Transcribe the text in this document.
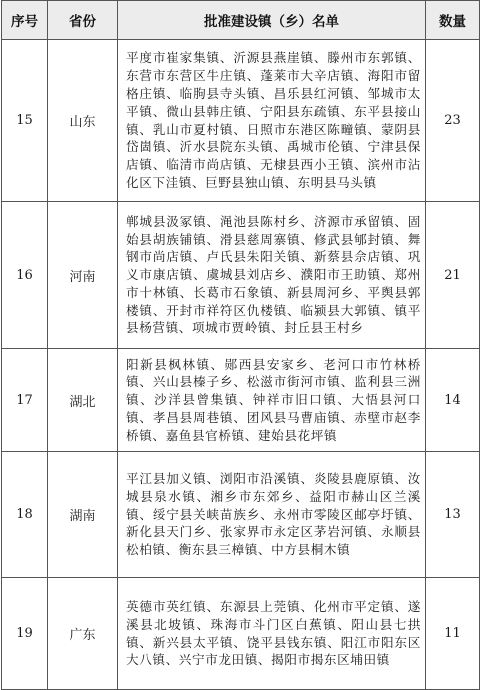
序号	省份	批准建设镇（乡）名单	数量
15	山东	平度市崔家集镇、沂源县燕崖镇、滕州市东郭镇、东营市东营区牛庄镇、蓬莱市大辛店镇、海阳市留格庄镇、临朐县寺头镇、昌乐县红河镇、邹城市太平镇、微山县韩庄镇、宁阳县东疏镇、东平县接山镇、乳山市夏村镇、日照市东港区陈疃镇、蒙阴县岱崮镇、沂水县院东头镇、禹城市伦镇、宁津县保店镇、临清市尚店镇、无棣县西小王镇、滨州市沾化区下洼镇、巨野县独山镇、东明县马头镇	23
16	河南	郸城县汲冢镇、渑池县陈村乡、济源市承留镇、固始县胡族铺镇、滑县慈周寨镇、修武县郇封镇、舞钢市尚店镇、卢氏县朱阳关镇、新蔡县佘店镇、巩义市康店镇、虞城县刘店乡、濮阳市王助镇、郑州市十林镇、长葛市石象镇、新县周河乡、平舆县郭楼镇、开封市祥符区仇楼镇、临颍县大郭镇、镇平县杨营镇、项城市贾岭镇、封丘县王村乡	21
17	湖北	阳新县枫林镇、郧西县安家乡、老河口市竹林桥镇、兴山县榛子乡、松滋市街河市镇、监利县三洲镇、沙洋县曾集镇、钟祥市旧口镇、大悟县河口镇、孝昌县周巷镇、团风县马曹庙镇、赤壁市赵李桥镇、嘉鱼县官桥镇、建始县花坪镇	14
18	湖南	平江县加义镇、浏阳市沿溪镇、炎陵县鹿原镇、汝城县泉水镇、湘乡市东郊乡、益阳市赫山区兰溪镇、绥宁县关峡苗族乡、永州市零陵区邮亭圩镇、新化县天门乡、张家界市永定区茅岩河镇、永顺县松柏镇、衡东县三樟镇、中方县桐木镇	13
19	广东	英德市英红镇、东源县上莞镇、化州市平定镇、遂溪县北坡镇、珠海市斗门区白蕉镇、阳山县七拱镇、新兴县太平镇、饶平县钱东镇、阳江市阳东区大八镇、兴宁市龙田镇、揭阳市揭东区埔田镇	11
